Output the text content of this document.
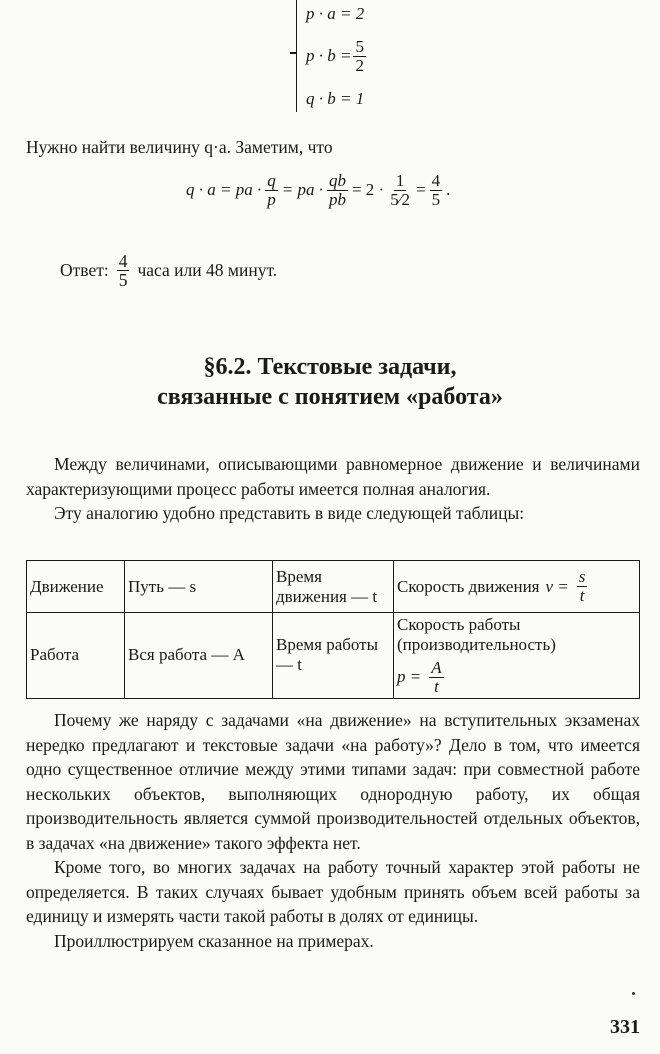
p · a = 2
$p \cdot b = \frac{5}{2}$
q · b = 1
Нужно найти величину q·a. Заметим, что
q · a = pa · $\frac{q}{p}$ = pa · $\frac{qb}{pb} = 2 \cdot \frac{1}{5⁄2} = \frac{4}{5}$ .
Ответ: $\frac{4}{5}$ часа или 48 минут.
§6.2. Текстовые задачи,
связанные с понятием «работа»

Между величинами, описывающими равномерное движение и величинами характеризующими процесс работы имеется полная аналогия.

Эту аналогию удобно представить в виде следующей таблицы:

Движение	Путь — s	Время движения — t	Скорость движения $v = \frac{s}{t}$

Работа	Вся работа — A	Время работы — t	Скорость работы (производительность)
$p = \frac{A}{t}$

Почему же наряду с задачами «на движение» на вступительных экзаменах нередко предлагают и текстовые задачи «на работу»? Дело в том, что имеется одно существенное отличие между этими типами задач: при совместной работе нескольких объектов, выполняющих однородную работу, их общая производительность является суммой производительностей отдельных объектов, в задачах «на движение» такого эффекта нет.

Кроме того, во многих задачах на работу точный характер этой работы не определяется. В таких случаях бывает удобным принять объем всей работы за единицу и измерять части такой работы в долях от единицы.

Проиллюстрируем сказанное на примерах.

331
